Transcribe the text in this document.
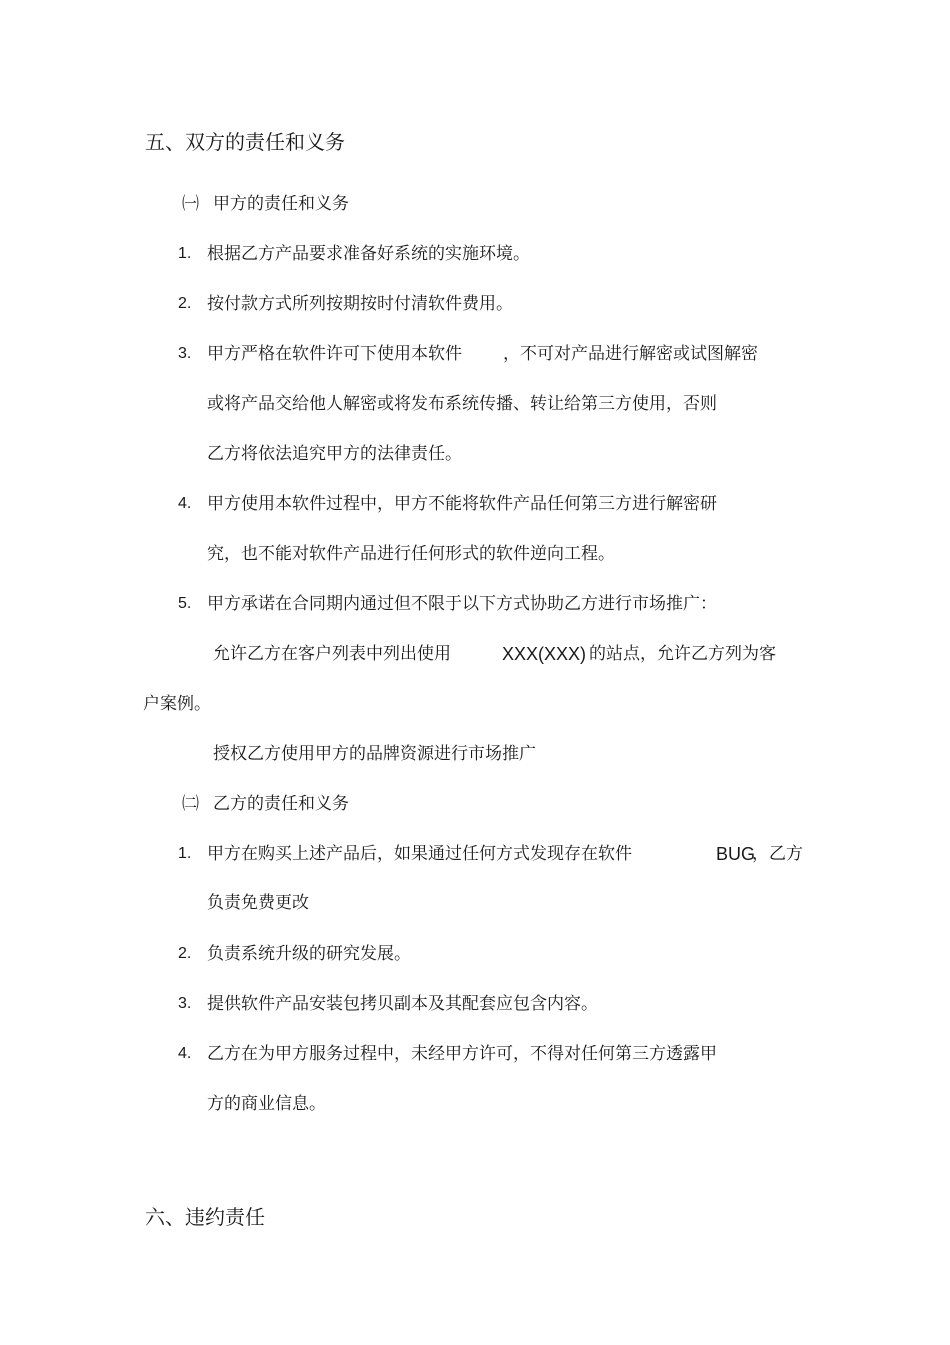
五、双方的责任和义务
㈠ 甲方的责任和义务
1. 根据乙方产品要求准备好系统的实施环境。
2. 按付款方式所列按期按时付清软件费用。
3. 甲方严格在软件许可下使用本软件 ，不可对产品进行解密或试图解密
或将产品交给他人解密或将发布系统传播、转让给第三方使用，否则
乙方将依法追究甲方的法律责任。
4. 甲方使用本软件过程中，甲方不能将软件产品任何第三方进行解密研
究，也不能对软件产品进行任何形式的软件逆向工程。
5. 甲方承诺在合同期内通过但不限于以下方式协助乙方进行市场推广：
允许乙方在客户列表中列出使用	XXX(XXX) 的站点，允许乙方列为客
户案例。
授权乙方使用甲方的品牌资源进行市场推广
㈡ 乙方的责任和义务
1. 甲方在购买上述产品后，如果通过任何方式发现存在软件	BUG
，乙方
负责免费更改
2. 负责系统升级的研究发展。
3. 提供软件产品安装包拷贝副本及其配套应包含内容。
4. 乙方在为甲方服务过程中，未经甲方许可，不得对任何第三方透露甲
方的商业信息。
六、违约责任
